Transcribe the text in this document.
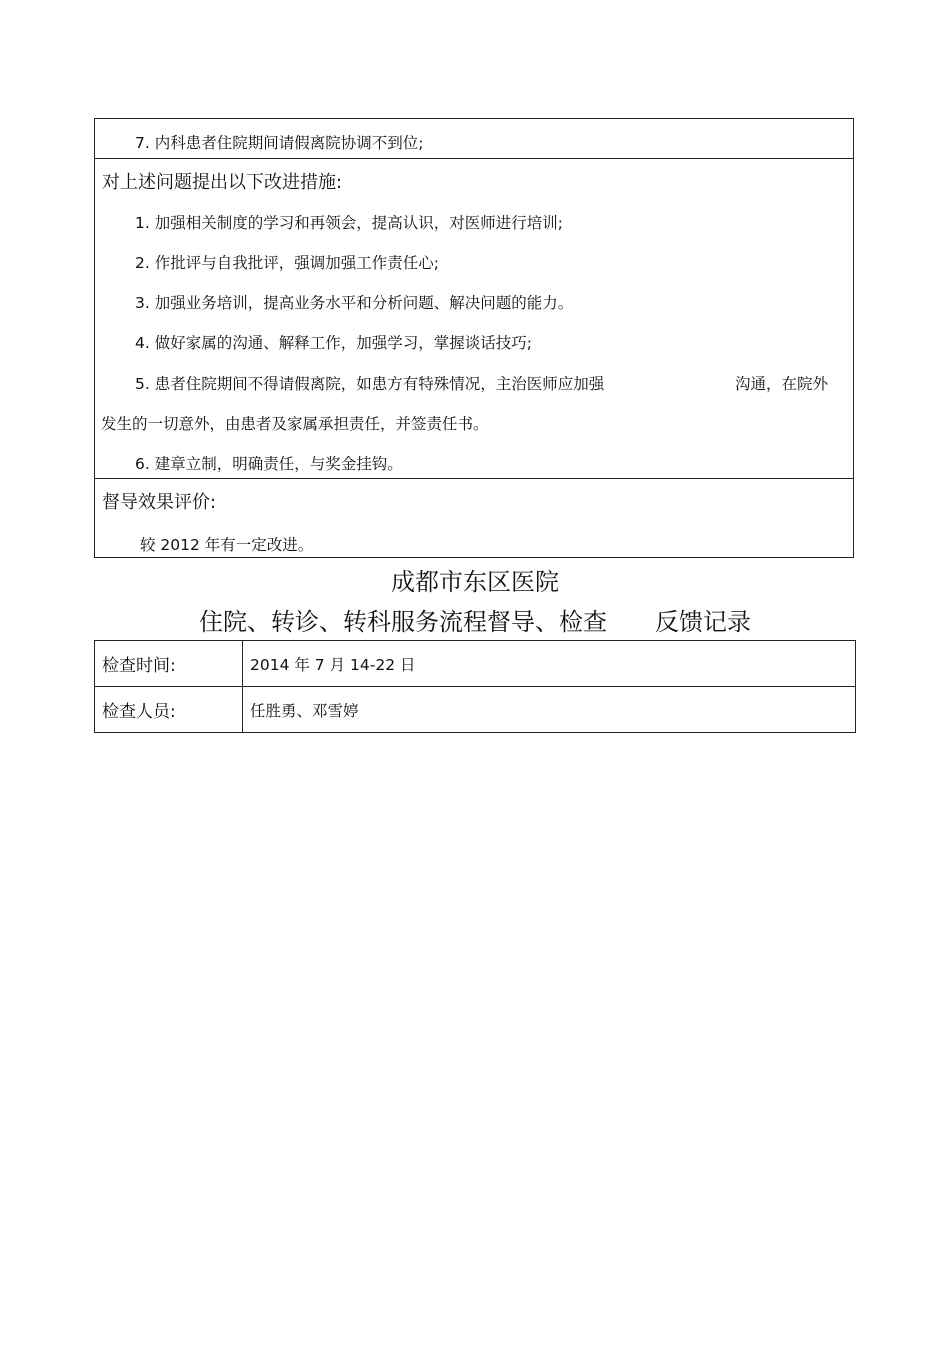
7. 内科患者住院期间请假离院协调不到位;
对上述问题提出以下改进措施:
1. 加强相关制度的学习和再领会，提高认识，对医师进行培训;
2. 作批评与自我批评，强调加强工作责任心;
3. 加强业务培训，提高业务水平和分析问题、解决问题的能力。
4. 做好家属的沟通、解释工作，加强学习，掌握谈话技巧;
5. 患者住院期间不得请假离院，如患方有特殊情况，主治医师应加强	沟通，在院外
发生的一切意外，由患者及家属承担责任，并签责任书。
6. 建章立制，明确责任，与奖金挂钩。
督导效果评价:
较 2012 年有一定改进。
成都市东区医院
住院、转诊、转科服务流程督导、检查 反馈记录
检查时间:	2014 年 7 月 14-22 日
检查人员:	任胜勇、邓雪婷
